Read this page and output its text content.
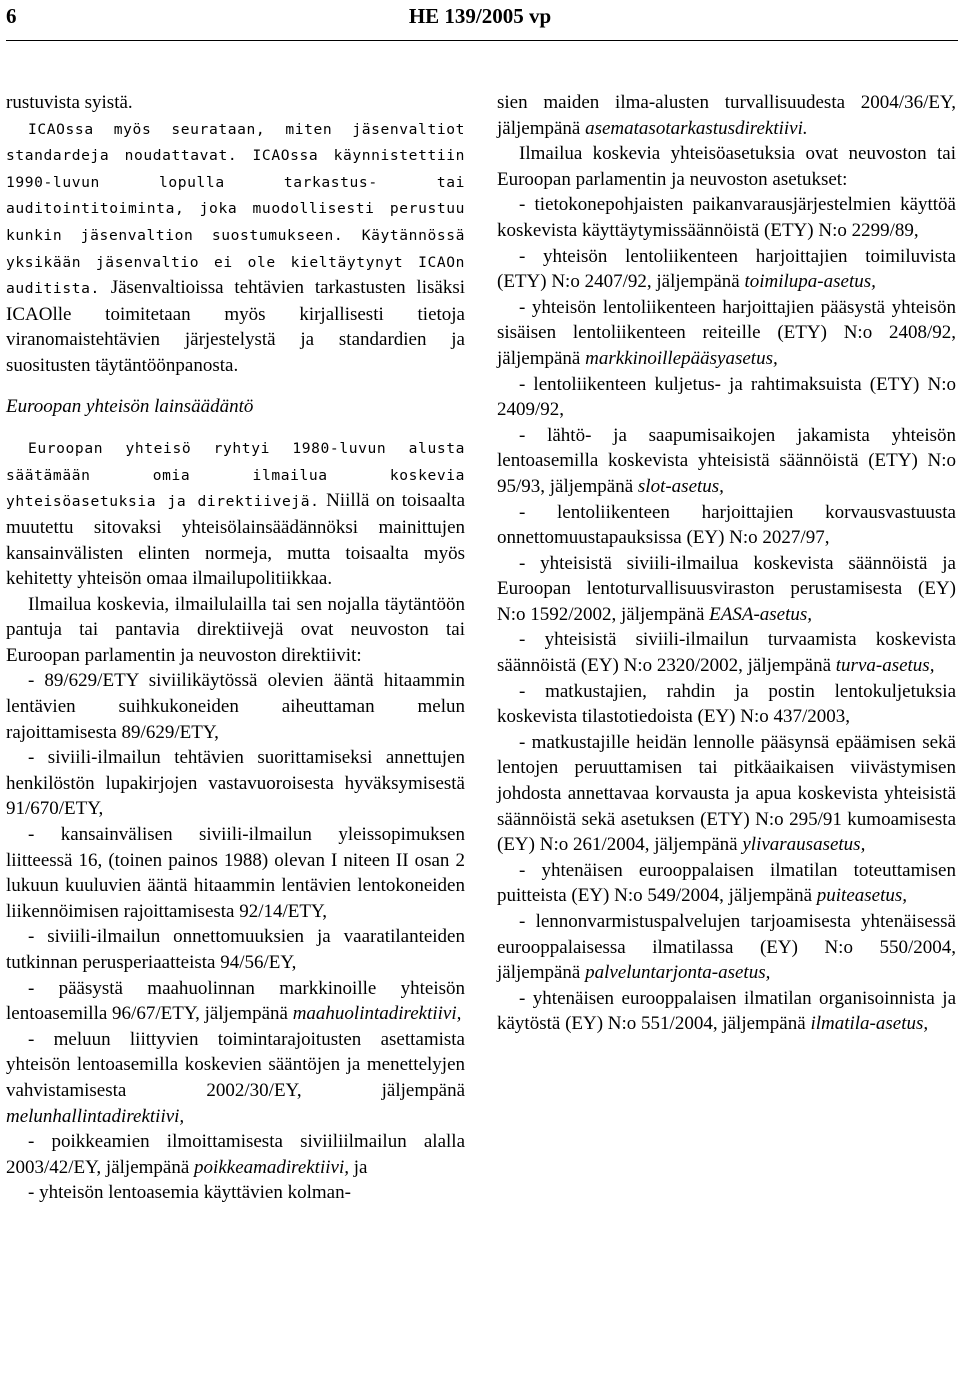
6	HE 139/2005 vp

rustuvista syistä.

ICAOssa myös seurataan, miten jäsenvaltiot standardeja noudattavat. ICAOssa käynnistettiin 1990-luvun lopulla tarkastus- tai auditointitoiminta, joka muodollisesti perustuu kunkin jäsenvaltion suostumukseen. Käytännössä yksikään jäsenvaltio ei ole kieltäytynyt ICAOn auditista. Jäsenvaltioissa tehtävien tarkastusten lisäksi ICAOlle toimitetaan myös kirjallisesti tietoja viranomaistehtävien järjestelystä ja standardien ja suositusten täytäntöönpanosta.

Euroopan yhteisön lainsäädäntö

Euroopan yhteisö ryhtyi 1980-luvun alusta säätämään omia ilmailua koskevia yhteisöasetuksia ja direktiivejä. Niillä on toisaalta muutettu sitovaksi yhteisölainsäädännöksi mainittujen kansainvälisten elinten normeja, mutta toisaalta myös kehitetty yhteisön omaa ilmailupolitiikkaa.

Ilmailua koskevia, ilmailulailla tai sen nojalla täytäntöön pantuja tai pantavia direktiivejä ovat neuvoston tai Euroopan parlamentin ja neuvoston direktiivit:

- 89/629/ETY siviilikäytössä olevien ääntä hitaammin lentävien suihkukoneiden aiheuttaman melun rajoittamisesta 89/629/ETY,

- siviili-ilmailun tehtävien suorittamiseksi annettujen henkilöstön lupakirjojen vastavuoroisesta hyväksymisestä 91/670/ETY,

- kansainvälisen siviili-ilmailun yleissopimuksen liitteessä 16, (toinen painos 1988) olevan I niteen II osan 2 lukuun kuuluvien ääntä hitaammin lentävien lentokoneiden liikennöimisen rajoittamisesta 92/14/ETY,

- siviili-ilmailun onnettomuuksien ja vaaratilanteiden tutkinnan perusperiaatteista 94/56/EY,

- pääsystä maahuolinnan markkinoille yhteisön lentoasemilla 96/67/ETY, jäljempänä maahuolintadirektiivi,

- meluun liittyvien toimintarajoitusten asettamista yhteisön lentoasemilla koskevien sääntöjen ja menettelyjen vahvistamisesta 2002/30/EY, jäljempänä melunhallintadirektiivi,

- poikkeamien ilmoittamisesta siviiliilmailun alalla 2003/42/EY, jäljempänä poikkeamadirektiivi, ja

- yhteisön lentoasemia käyttävien kolman-

sien maiden ilma-alusten turvallisuudesta 2004/36/EY, jäljempänä asematasotarkastusdirektiivi.

Ilmailua koskevia yhteisöasetuksia ovat neuvoston tai Euroopan parlamentin ja neuvoston asetukset:

- tietokonepohjaisten paikanvarausjärjestelmien käyttöä koskevista käyttäytymissäännöistä (ETY) N:o 2299/89,

- yhteisön lentoliikenteen harjoittajien toimiluvista (ETY) N:o 2407/92, jäljempänä toimilupa-asetus,

- yhteisön lentoliikenteen harjoittajien pääsystä yhteisön sisäisen lentoliikenteen reiteille (ETY) N:o 2408/92, jäljempänä markkinoillepääsyasetus,

- lentoliikenteen kuljetus- ja rahtimaksuista (ETY) N:o 2409/92,

- lähtö- ja saapumisaikojen jakamista yhteisön lentoasemilla koskevista yhteisistä säännöistä (ETY) N:o 95/93, jäljempänä slot-asetus,

- lentoliikenteen harjoittajien korvausvastuusta onnettomuustapauksissa (EY) N:o 2027/97,

- yhteisistä siviili-ilmailua koskevista säännöistä ja Euroopan lentoturvallisuusviraston perustamisesta (EY) N:o 1592/2002, jäljempänä EASA-asetus,

- yhteisistä siviili-ilmailun turvaamista koskevista säännöistä (EY) N:o 2320/2002, jäljempänä turva-asetus,

- matkustajien, rahdin ja postin lentokuljetuksia koskevista tilastotiedoista (EY) N:o 437/2003,

- matkustajille heidän lennolle pääsynsä epäämisen sekä lentojen peruuttamisen tai pitkäaikaisen viivästymisen johdosta annettavaa korvausta ja apua koskevista yhteisistä säännöistä sekä asetuksen (ETY) N:o 295/91 kumoamisesta (EY) N:o 261/2004, jäljempänä ylivarausasetus,

- yhtenäisen eurooppalaisen ilmatilan toteuttamisen puitteista (EY) N:o 549/2004, jäljempänä puiteasetus,

- lennonvarmistuspalvelujen tarjoamisesta yhtenäisessä eurooppalaisessa ilmatilassa (EY) N:o 550/2004, jäljempänä palveluntarjonta-asetus,

- yhtenäisen eurooppalaisen ilmatilan organisoinnista ja käytöstä (EY) N:o 551/2004, jäljempänä ilmatila-asetus,
